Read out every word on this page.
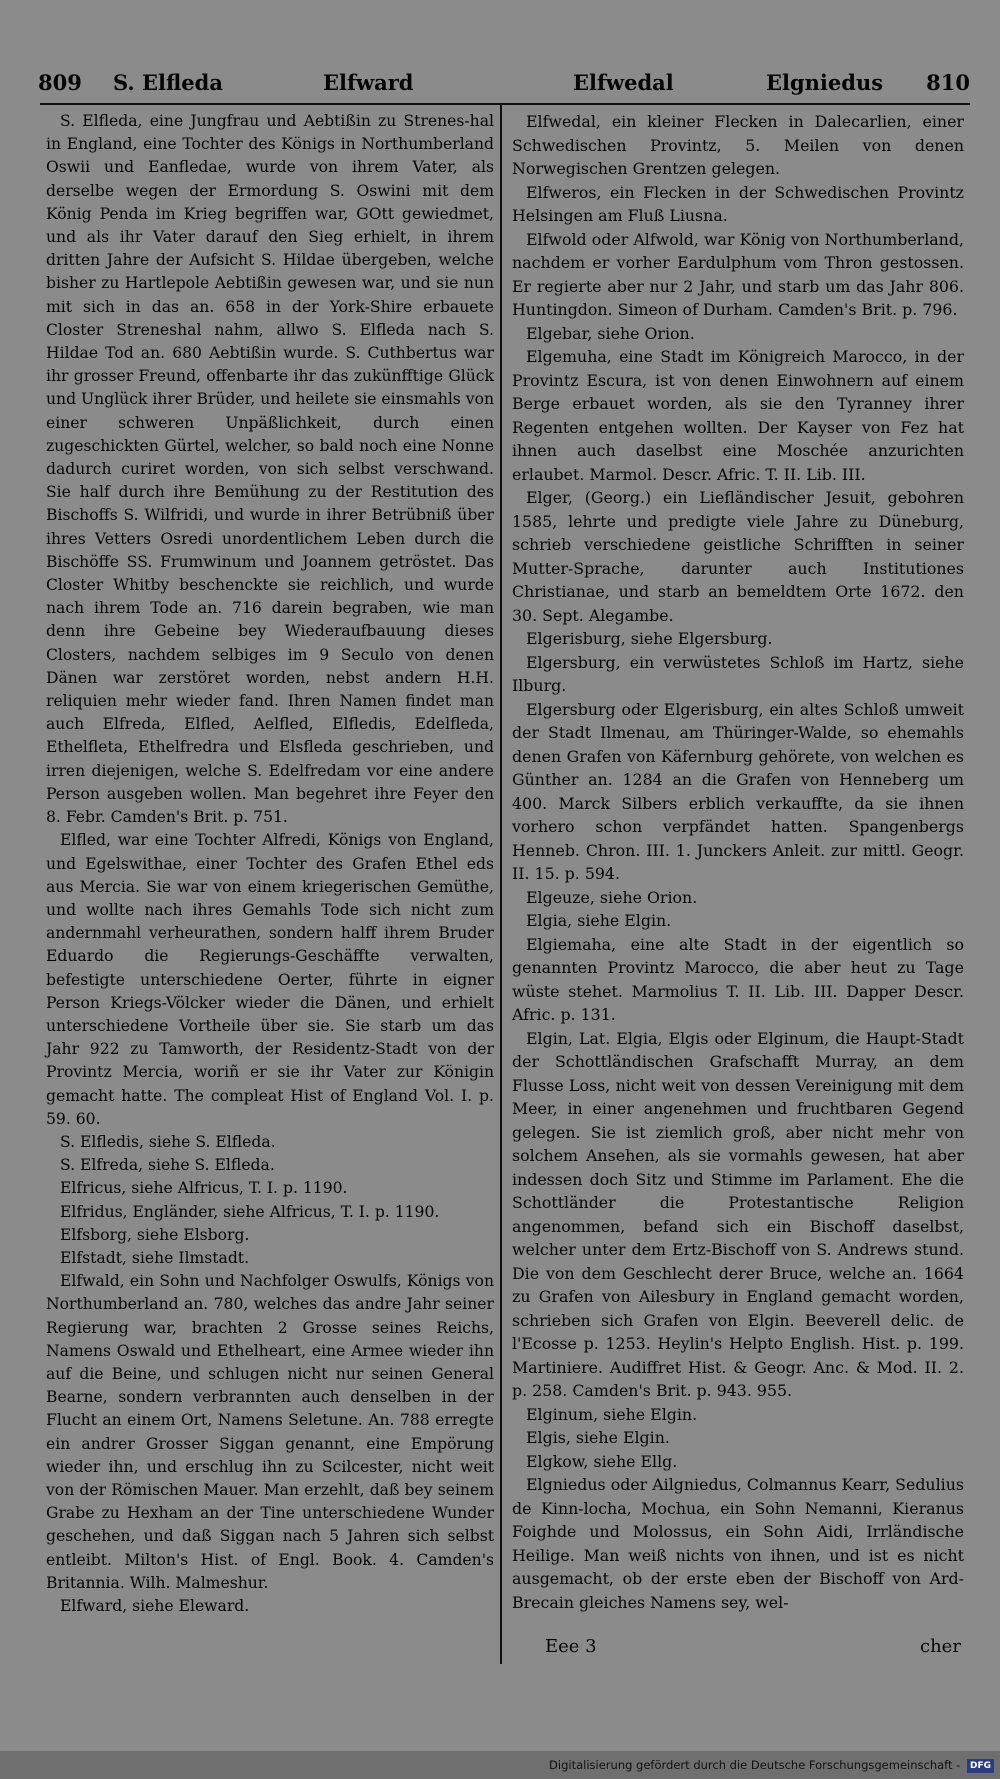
809 S. Elfleda	Elfward	Elfwedal	Elgniedus 810

S. Elfleda, eine Jungfrau und Aebtißin zu Strenes-hal in England, eine Tochter des Königs in Northumberland Oswii und Eanfledae, wurde von ihrem Vater, als derselbe wegen der Ermordung S. Oswini mit dem König Penda im Krieg begriffen war, GOtt gewiedmet, und als ihr Vater darauf den Sieg erhielt, in ihrem dritten Jahre der Aufsicht S. Hildae übergeben, welche bisher zu Hartlepole Aebtißin gewesen war, und sie nun mit sich in das an. 658 in der York-Shire erbauete Closter Streneshal nahm, allwo S. Elfleda nach S. Hildae Tod an. 680 Aebtißin wurde. S. Cuthbertus war ihr grosser Freund, offenbarte ihr das zukünfftige Glück und Unglück ihrer Brüder, und heilete sie einsmahls von einer schweren Unpäßlichkeit, durch einen zugeschickten Gürtel, welcher, so bald noch eine Nonne dadurch curiret worden, von sich selbst verschwand. Sie half durch ihre Bemühung zu der Restitution des Bischoffs S. Wilfridi, und wurde in ihrer Betrübniß über ihres Vetters Osredi unordentlichem Leben durch die Bischöffe SS. Frumwinum und Joannem getröstet. Das Closter Whitby beschenckte sie reichlich, und wurde nach ihrem Tode an. 716 darein begraben, wie man denn ihre Gebeine bey Wiederaufbauung dieses Closters, nachdem selbiges im 9 Seculo von denen Dänen war zerstöret worden, nebst andern H.H. reliquien mehr wieder fand. Ihren Namen findet man auch Elfreda, Elfled, Aelfled, Elfledis, Edelfleda, Ethelfleta, Ethelfredra und Elsfleda geschrieben, und irren diejenigen, welche S. Edelfredam vor eine andere Person ausgeben wollen. Man begehret ihre Feyer den 8. Febr. Camden's Brit. p. 751.

Elfled, war eine Tochter Alfredi, Königs von England, und Egelswithae, einer Tochter des Grafen Ethel eds aus Mercia. Sie war von einem kriegerischen Gemüthe, und wollte nach ihres Gemahls Tode sich nicht zum andernmahl verheurathen, sondern halff ihrem Bruder Eduardo die Regierungs-Geschäffte verwalten, befestigte unterschiedene Oerter, führte in eigner Person Kriegs-Völcker wieder die Dänen, und erhielt unterschiedene Vortheile über sie. Sie starb um das Jahr 922 zu Tamworth, der Residentz-Stadt von der Provintz Mercia, woriñ er sie ihr Vater zur Königin gemacht hatte. The compleat Hist of England Vol. I. p. 59. 60.

S. Elfledis, siehe S. Elfleda.

S. Elfreda, siehe S. Elfleda.

Elfricus, siehe Alfricus, T. I. p. 1190.

Elfridus, Engländer, siehe Alfricus, T. I. p. 1190.

Elfsborg, siehe Elsborg.

Elfstadt, siehe Ilmstadt.

Elfwald, ein Sohn und Nachfolger Oswulfs, Königs von Northumberland an. 780, welches das andre Jahr seiner Regierung war, brachten 2 Grosse seines Reichs, Namens Oswald und Ethelheart, eine Armee wieder ihn auf die Beine, und schlugen nicht nur seinen General Bearne, sondern verbrannten auch denselben in der Flucht an einem Ort, Namens Seletune. An. 788 erregte ein andrer Grosser Siggan genannt, eine Empörung wieder ihn, und erschlug ihn zu Scilcester, nicht weit von der Römischen Mauer. Man erzehlt, daß bey seinem Grabe zu Hexham an der Tine unterschiedene Wunder geschehen, und daß Siggan nach 5 Jahren sich selbst entleibt. Milton's Hist. of Engl. Book. 4. Camden's Britannia. Wilh. Malmeshur.

Elfward, siehe Eleward.

Elfwedal, ein kleiner Flecken in Dalecarlien, einer Schwedischen Provintz, 5. Meilen von denen Norwegischen Grentzen gelegen.

Elfweros, ein Flecken in der Schwedischen Provintz Helsingen am Fluß Liusna.

Elfwold oder Alfwold, war König von Northumberland, nachdem er vorher Eardulphum vom Thron gestossen. Er regierte aber nur 2 Jahr, und starb um das Jahr 806. Huntingdon. Simeon of Durham. Camden's Brit. p. 796.

Elgebar, siehe Orion.

Elgemuha, eine Stadt im Königreich Marocco, in der Provintz Escura, ist von denen Einwohnern auf einem Berge erbauet worden, als sie den Tyranney ihrer Regenten entgehen wollten. Der Kayser von Fez hat ihnen auch daselbst eine Moschée anzurichten erlaubet. Marmol. Descr. Afric. T. II. Lib. III.

Elger, (Georg.) ein Liefländischer Jesuit, gebohren 1585, lehrte und predigte viele Jahre zu Düneburg, schrieb verschiedene geistliche Schrifften in seiner Mutter-Sprache, darunter auch Institutiones Christianae, und starb an bemeldtem Orte 1672. den 30. Sept. Alegambe.

Elgerisburg, siehe Elgersburg.

Elgersburg, ein verwüstetes Schloß im Hartz, siehe Ilburg.

Elgersburg oder Elgerisburg, ein altes Schloß umweit der Stadt Ilmenau, am Thüringer-Walde, so ehemahls denen Grafen von Käfernburg gehörete, von welchen es Günther an. 1284 an die Grafen von Henneberg um 400. Marck Silbers erblich verkauffte, da sie ihnen vorhero schon verpfändet hatten. Spangenbergs Henneb. Chron. III. 1. Junckers Anleit. zur mittl. Geogr. II. 15. p. 594.

Elgeuze, siehe Orion.

Elgia, siehe Elgin.

Elgiemaha, eine alte Stadt in der eigentlich so genannten Provintz Marocco, die aber heut zu Tage wüste stehet. Marmolius T. II. Lib. III. Dapper Descr. Afric. p. 131.

Elgin, Lat. Elgia, Elgis oder Elginum, die Haupt-Stadt der Schottländischen Grafschafft Murray, an dem Flusse Loss, nicht weit von dessen Vereinigung mit dem Meer, in einer angenehmen und fruchtbaren Gegend gelegen. Sie ist ziemlich groß, aber nicht mehr von solchem Ansehen, als sie vormahls gewesen, hat aber indessen doch Sitz und Stimme im Parlament. Ehe die Schottländer die Protestantische Religion angenommen, befand sich ein Bischoff daselbst, welcher unter dem Ertz-Bischoff von S. Andrews stund. Die von dem Geschlecht derer Bruce, welche an. 1664 zu Grafen von Ailesbury in England gemacht worden, schrieben sich Grafen von Elgin. Beeverell delic. de l'Ecosse p. 1253. Heylin's Helpto English. Hist. p. 199. Martiniere. Audiffret Hist. & Geogr. Anc. & Mod. II. 2. p. 258. Camden's Brit. p. 943. 955.

Elginum, siehe Elgin.

Elgis, siehe Elgin.

Elgkow, siehe Ellg.

Elgniedus oder Ailgniedus, Colmannus Kearr, Sedulius de Kinn-locha, Mochua, ein Sohn Nemanni, Kieranus Foighde und Molossus, ein Sohn Aidi, Irrländische Heilige. Man weiß nichts von ihnen, und ist es nicht ausgemacht, ob der erste eben der Bischoff von Ard-Brecain gleiches Namens sey, wel-

Eee 3	cher
Digitalisierung gefördert durch die Deutsche Forschungsgemeinschaft - DFG
